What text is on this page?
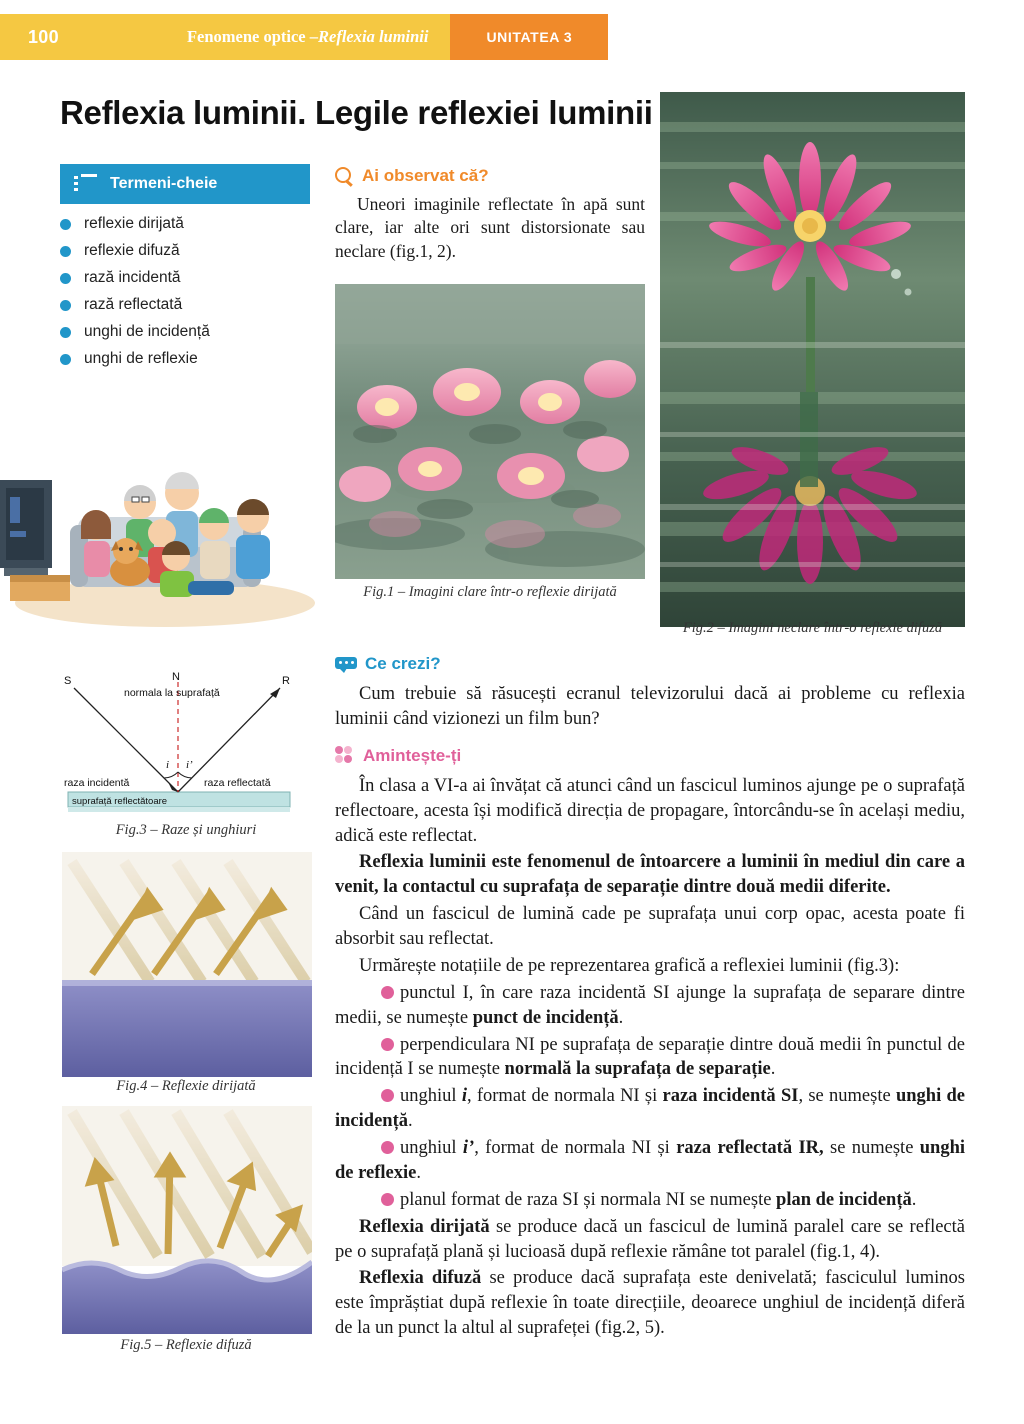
100	Fenomene optice – Reflexia luminii	UNITATEA 3
Reflexia luminii. Legile reflexiei luminii
Termeni-cheie
reflexie dirijată
reflexie difuză
rază incidentă
rază reflectată
unghi de incidență
unghi de reflexie
Ai observat că?
Uneori imaginile reflectate în apă sunt clare, iar alte ori sunt distorsionate sau neclare (fig.1, 2).
Fig.1 – Imagini clare într-o reflexie dirijată
Fig.2 – Imagini neclare într-o reflexie difuză
i i’
S	N	R
normala la suprafață
raza incidentă	raza reflectată
suprafață reflectătoare
Fig.3 – Raze și unghiuri
Fig.4 – Reflexie dirijată
Fig.5 – Reflexie difuză
Ce crezi?
Cum trebuie să răsucești ecranul televizorului dacă ai probleme cu reflexia luminii când vizionezi un film bun?
Amintește-ți
În clasa a VI-a ai învățat că atunci când un fascicul luminos ajunge pe o suprafață reflectoare, acesta își modifică direcția de propagare, întorcându-se în același mediu, adică este reflectat.
Reflexia luminii este fenomenul de întoarcere a luminii în mediul din care a venit, la contactul cu suprafața de separație dintre două medii diferite.
Când un fascicul de lumină cade pe suprafața unui corp opac, acesta poate fi absorbit sau reflectat.
Urmărește notațiile de pe reprezentarea grafică a reflexiei luminii (fig.3):
punctul I, în care raza incidentă SI ajunge la suprafața de separare dintre medii, se numește punct de incidență.
perpendiculara NI pe suprafața de separație dintre două medii în punctul de incidență I se numește normală la suprafața de separație.
unghiul i, format de normala NI și raza incidentă SI, se numește unghi de incidență.
unghiul i’, format de normala NI și raza reflectată IR, se numește unghi de reflexie.
planul format de raza SI și normala NI se numește plan de incidență.
Reflexia dirijată se produce dacă un fascicul de lumină paralel care se reflectă pe o suprafață plană și lucioasă după reflexie rămâne tot paralel (fig.1, 4).
Reflexia difuză se produce dacă suprafața este denivelată; fasciculul luminos este împrăștiat după reflexie în toate direcțiile, deoarece unghiul de incidență diferă de la un punct la altul al suprafeței (fig.2, 5).
